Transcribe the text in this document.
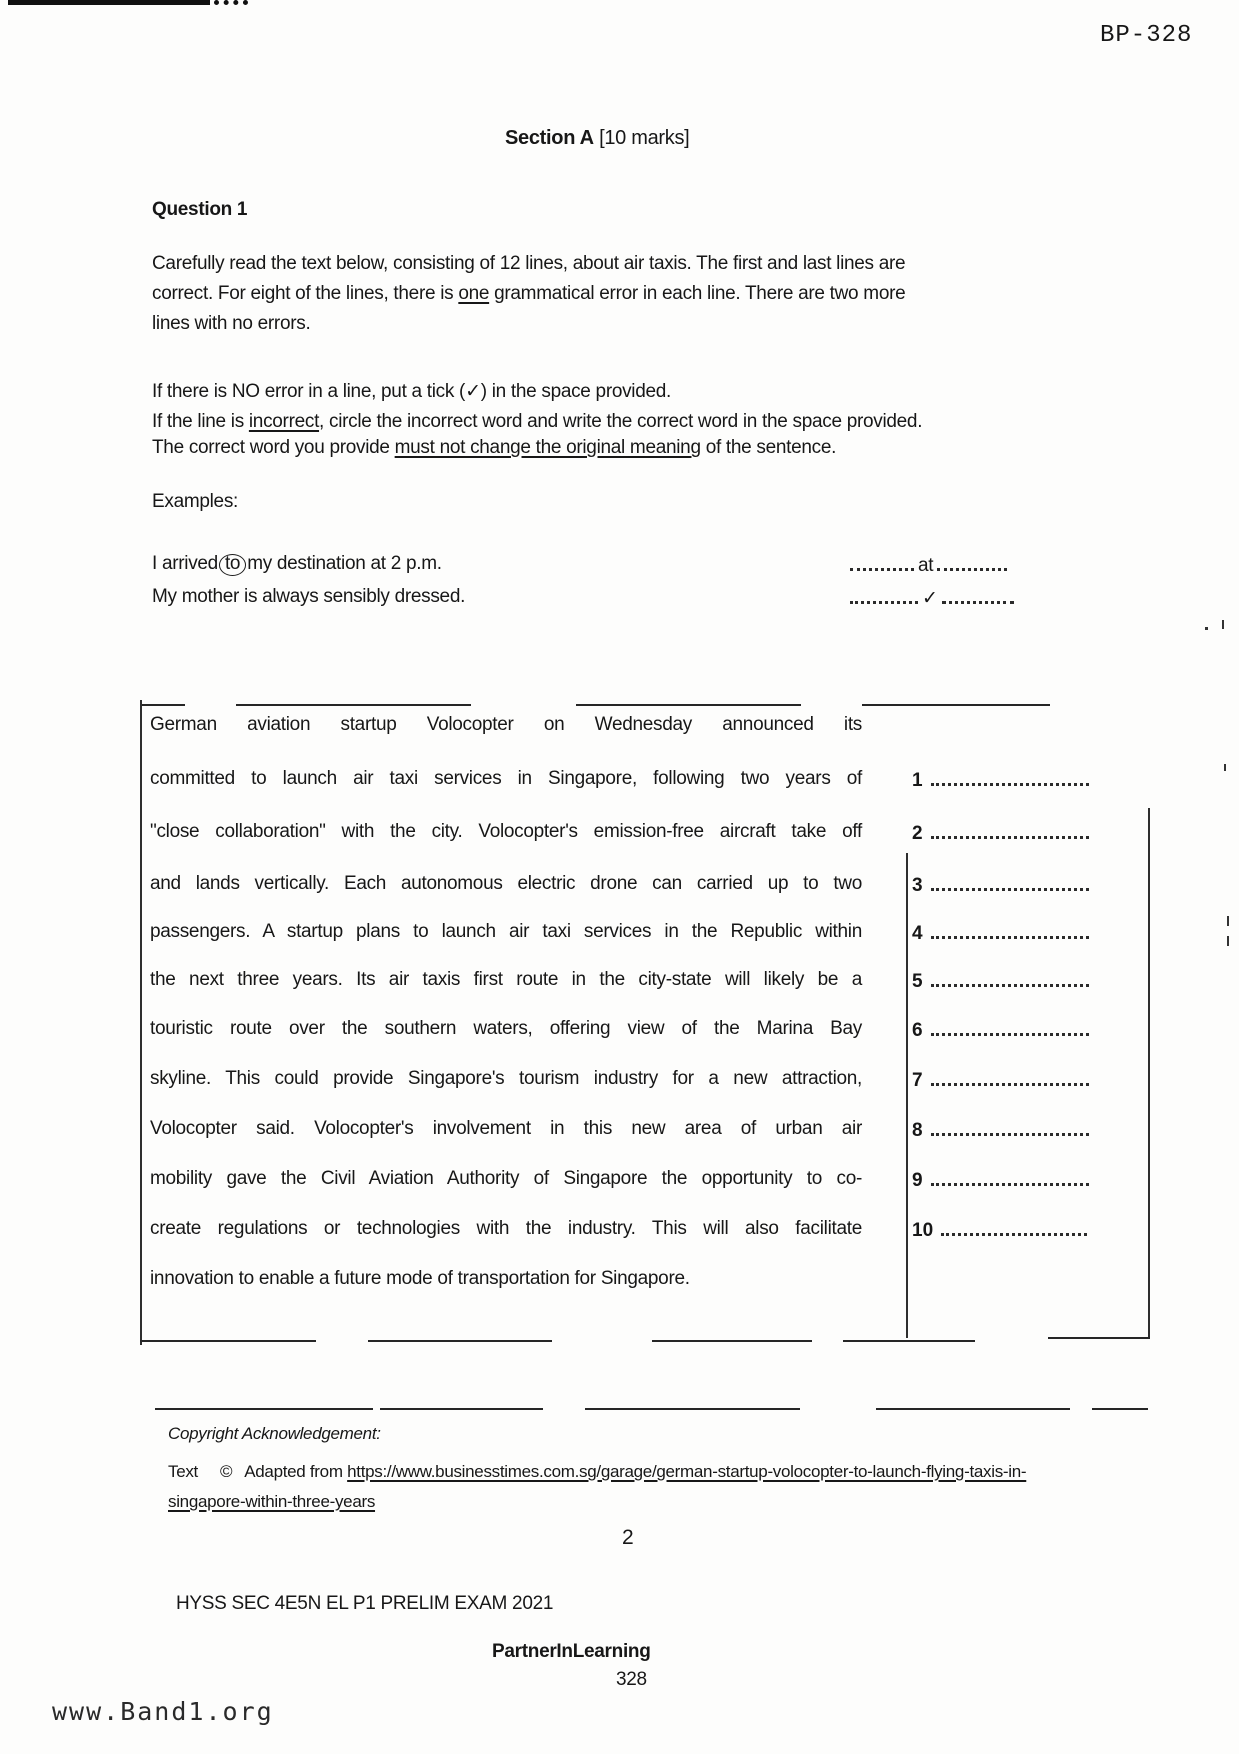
BP-328
Section A [10 marks]
Question 1
Carefully read the text below, consisting of 12 lines, about air taxis. The first and last lines are
correct. For eight of the lines, there is one grammatical error in each line. There are two more
lines with no errors.
If there is NO error in a line, put a tick (✓) in the space provided.
If the line is incorrect, circle the incorrect word and write the correct word in the space provided.
The correct word you provide must not change the original meaning of the sentence.
Examples:
I arrived to my destination at 2 p.m.	at
My mother is always sensibly dressed.	✓
German aviation startup Volocopter on Wednesday announced its
committed to launch air taxi services in Singapore, following two years of
"close collaboration" with the city. Volocopter's emission-free aircraft take off
and lands vertically. Each autonomous electric drone can carried up to two
passengers. A startup plans to launch air taxi services in the Republic within
the next three years. Its air taxis first route in the city-state will likely be a
touristic route over the southern waters, offering view of the Marina Bay
skyline. This could provide Singapore's tourism industry for a new attraction,
Volocopter said. Volocopter's involvement in this new area of urban air
mobility gave the Civil Aviation Authority of Singapore the opportunity to co-
create regulations or technologies with the industry. This will also facilitate
innovation to enable a future mode of transportation for Singapore.
1
2
3
4
5
6
7
8
9
10
Copyright Acknowledgement:
Text © Adapted from https://www.businesstimes.com.sg/garage/german-startup-volocopter-to-launch-flying-taxis-in-
singapore-within-three-years
2
HYSS SEC 4E5N EL P1 PRELIM EXAM 2021
PartnerInLearning
328
www.Band1.org
